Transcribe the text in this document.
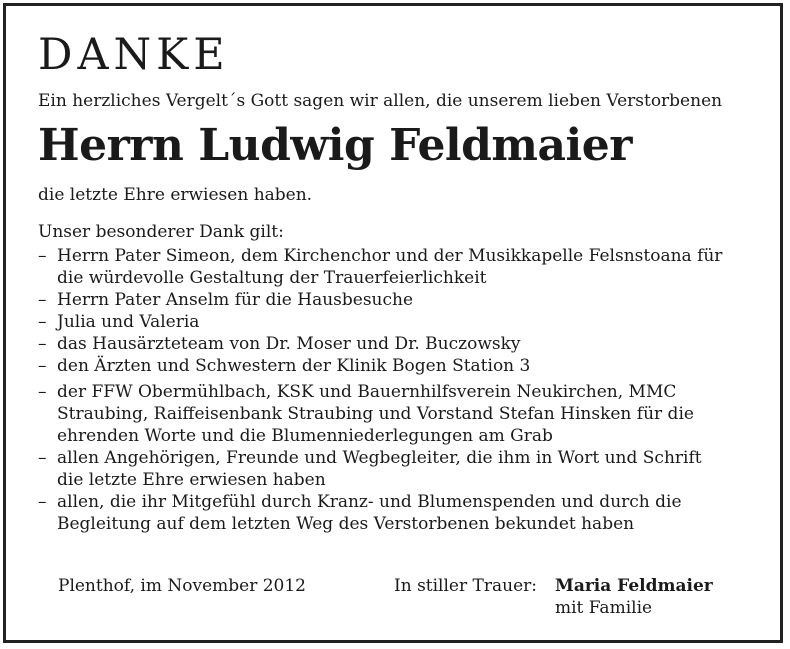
DANKE
Ein herzliches Vergelt´s Gott sagen wir allen, die unserem lieben Verstorbenen
Herrn Ludwig Feldmaier
die letzte Ehre erwiesen haben.
Unser besonderer Dank gilt:
– Herrn Pater Simeon, dem Kirchenchor und der Musikkapelle Felsnstoana für
die würdevolle Gestaltung der Trauerfeierlichkeit
– Herrn Pater Anselm für die Hausbesuche
– Julia und Valeria
– das Hausärzteteam von Dr. Moser und Dr. Buczowsky
– den Ärzten und Schwestern der Klinik Bogen Station 3
– der FFW Obermühlbach, KSK und Bauernhilfsverein Neukirchen, MMC
Straubing, Raiffeisenbank Straubing und Vorstand Stefan Hinsken für die
ehrenden Worte und die Blumenniederlegungen am Grab
– allen Angehörigen, Freunde und Wegbegleiter, die ihm in Wort und Schrift
die letzte Ehre erwiesen haben
– allen, die ihr Mitgefühl durch Kranz- und Blumenspenden und durch die
Begleitung auf dem letzten Weg des Verstorbenen bekundet haben
Plenthof, im November 2012	In stiller Trauer: Maria Feldmaier
mit Familie
